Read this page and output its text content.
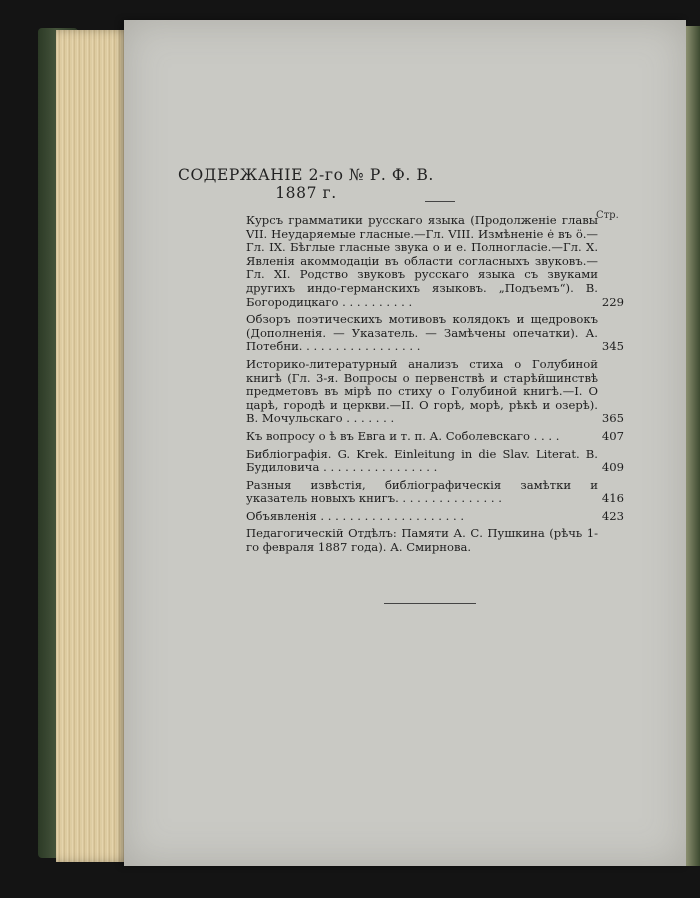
СОДЕРЖАНІЕ 2-го № Р. Ф. В. 1887 г.
Стр.
Курсъ грамматики русскаго языка (Продолженіе главы VII. Неударяемые гласные.—Гл. VIII. Измѣненіе ė въ ö.—Гл. IX. Бѣглые гласные звука о и е. Полногласіе.—Гл. X. Явленія акоммодаціи въ области согласныхъ звуковъ.—Гл. XI. Родство звуковъ русскаго языка съ звуками другихъ индо-германскихъ языковъ. „Подъемъ“). В. Богородицкаго . . . . . . . . . .	229
Обзоръ поэтическихъ мотивовъ колядокъ и щедровокъ (Дополненія. — Указатель. — Замѣчены опечатки). А. Потебни. . . . . . . . . . . . . . . . .	345
Историко-литературный анализъ стиха о Голубиной книгѣ (Гл. 3-я. Вопросы о первенствѣ и старѣйшинствѣ предметовъ въ мірѣ по стиху о Голубиной книгѣ.—I. О царѣ, городѣ и церкви.—II. О горѣ, морѣ, рѣкѣ и озерѣ). В. Мочульскаго . . . . . . .	365
Къ вопросу о ѣ въ Евга и т. п. А. Соболевскаго . . . .	407
Библіографія. G. Krek. Einleitung in die Slav. Literat. В. Будиловича . . . . . . . . . . . . . . . .	409
Разныя извѣстія, библіографическія замѣтки и указатель новыхъ книгъ. . . . . . . . . . . . . . .	416
Объявленія . . . . . . . . . . . . . . . . . . . .	423
Педагогическій Отдѣлъ: Памяти А. С. Пушкина (рѣчь 1-го февраля 1887 года). А. Смирнова.
